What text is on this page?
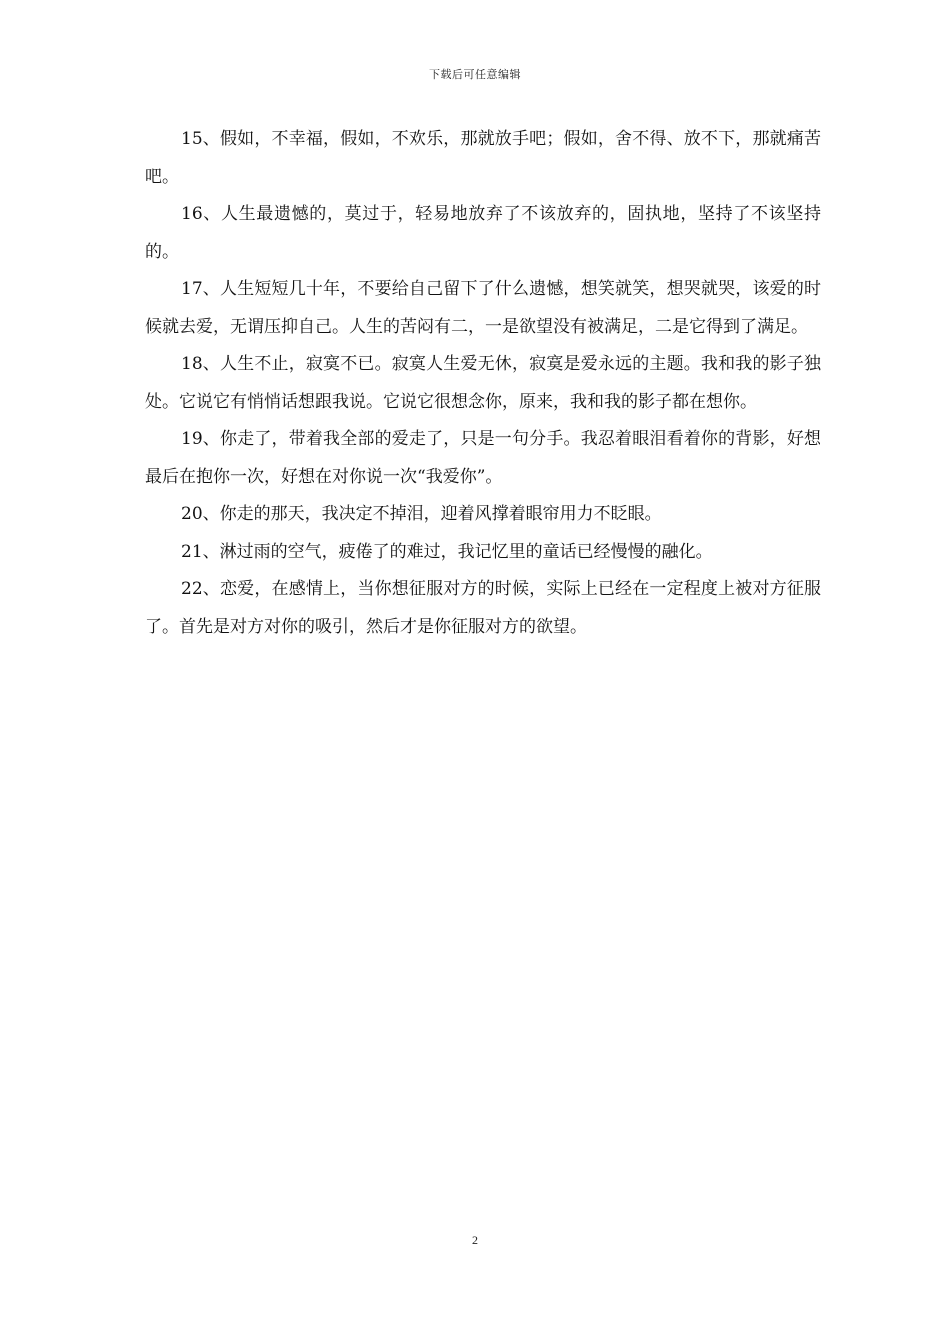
下载后可任意编辑

15、假如，不幸福，假如，不欢乐，那就放手吧；假如，舍不得、放不下，那就痛苦吧。

16、人生最遗憾的，莫过于，轻易地放弃了不该放弃的，固执地，坚持了不该坚持的。

17、人生短短几十年，不要给自己留下了什么遗憾，想笑就笑，想哭就哭，该爱的时候就去爱，无谓压抑自己。人生的苦闷有二，一是欲望没有被满足，二是它得到了满足。

18、人生不止，寂寞不已。寂寞人生爱无休，寂寞是爱永远的主题。我和我的影子独处。它说它有悄悄话想跟我说。它说它很想念你，原来，我和我的影子都在想你。

19、你走了，带着我全部的爱走了，只是一句分手。我忍着眼泪看着你的背影，好想最后在抱你一次，好想在对你说一次“我爱你”。

20、你走的那天，我决定不掉泪，迎着风撑着眼帘用力不眨眼。

21、淋过雨的空气，疲倦了的难过，我记忆里的童话已经慢慢的融化。

22、恋爱，在感情上，当你想征服对方的时候，实际上已经在一定程度上被对方征服了。首先是对方对你的吸引，然后才是你征服对方的欲望。

2
